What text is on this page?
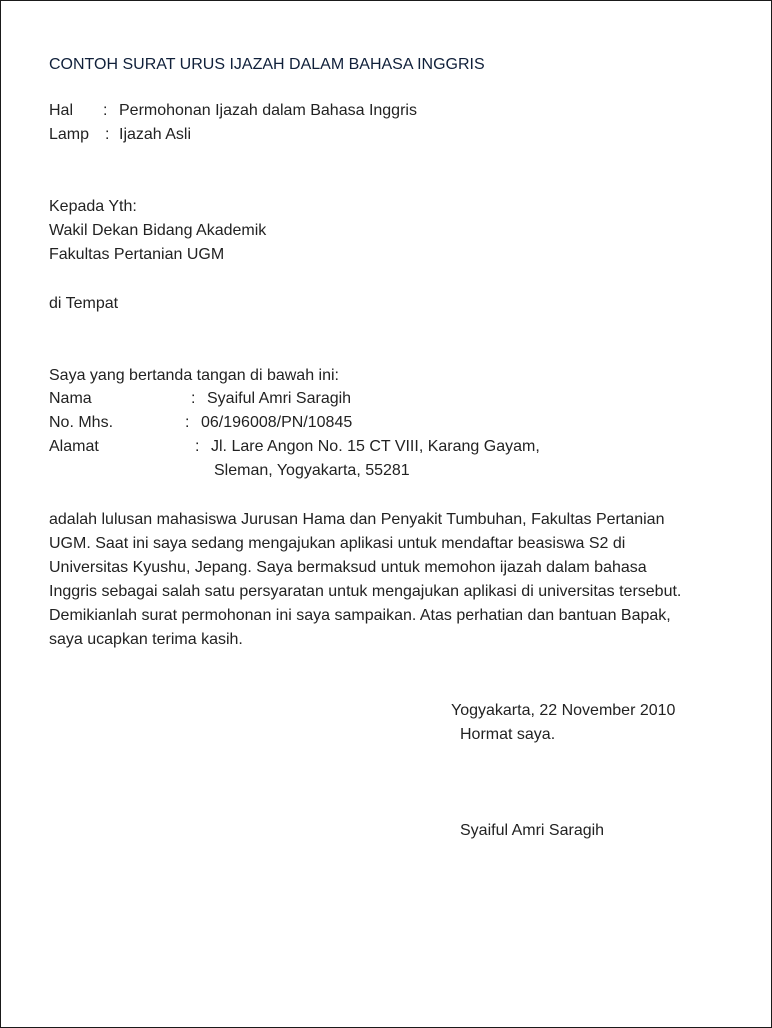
CONTOH SURAT URUS IJAZAH DALAM BAHASA INGGRIS
Hal : Permohonan Ijazah dalam Bahasa Inggris
Lamp : Ijazah Asli
Kepada Yth:
Wakil Dekan Bidang Akademik
Fakultas Pertanian UGM
di Tempat
Saya yang bertanda tangan di bawah ini:
Nama	: Syaiful Amri Saragih
No. Mhs.	: 06/196008/PN/10845
Alamat	: Jl. Lare Angon No. 15 CT VIII, Karang Gayam,
Sleman, Yogyakarta, 55281
adalah lulusan mahasiswa Jurusan Hama dan Penyakit Tumbuhan, Fakultas Pertanian
UGM. Saat ini saya sedang mengajukan aplikasi untuk mendaftar beasiswa S2 di
Universitas Kyushu, Jepang. Saya bermaksud untuk memohon ijazah dalam bahasa
Inggris sebagai salah satu persyaratan untuk mengajukan aplikasi di universitas tersebut.
Demikianlah surat permohonan ini saya sampaikan. Atas perhatian dan bantuan Bapak,
saya ucapkan terima kasih.
Yogyakarta, 22 November 2010
Hormat saya.
Syaiful Amri Saragih
